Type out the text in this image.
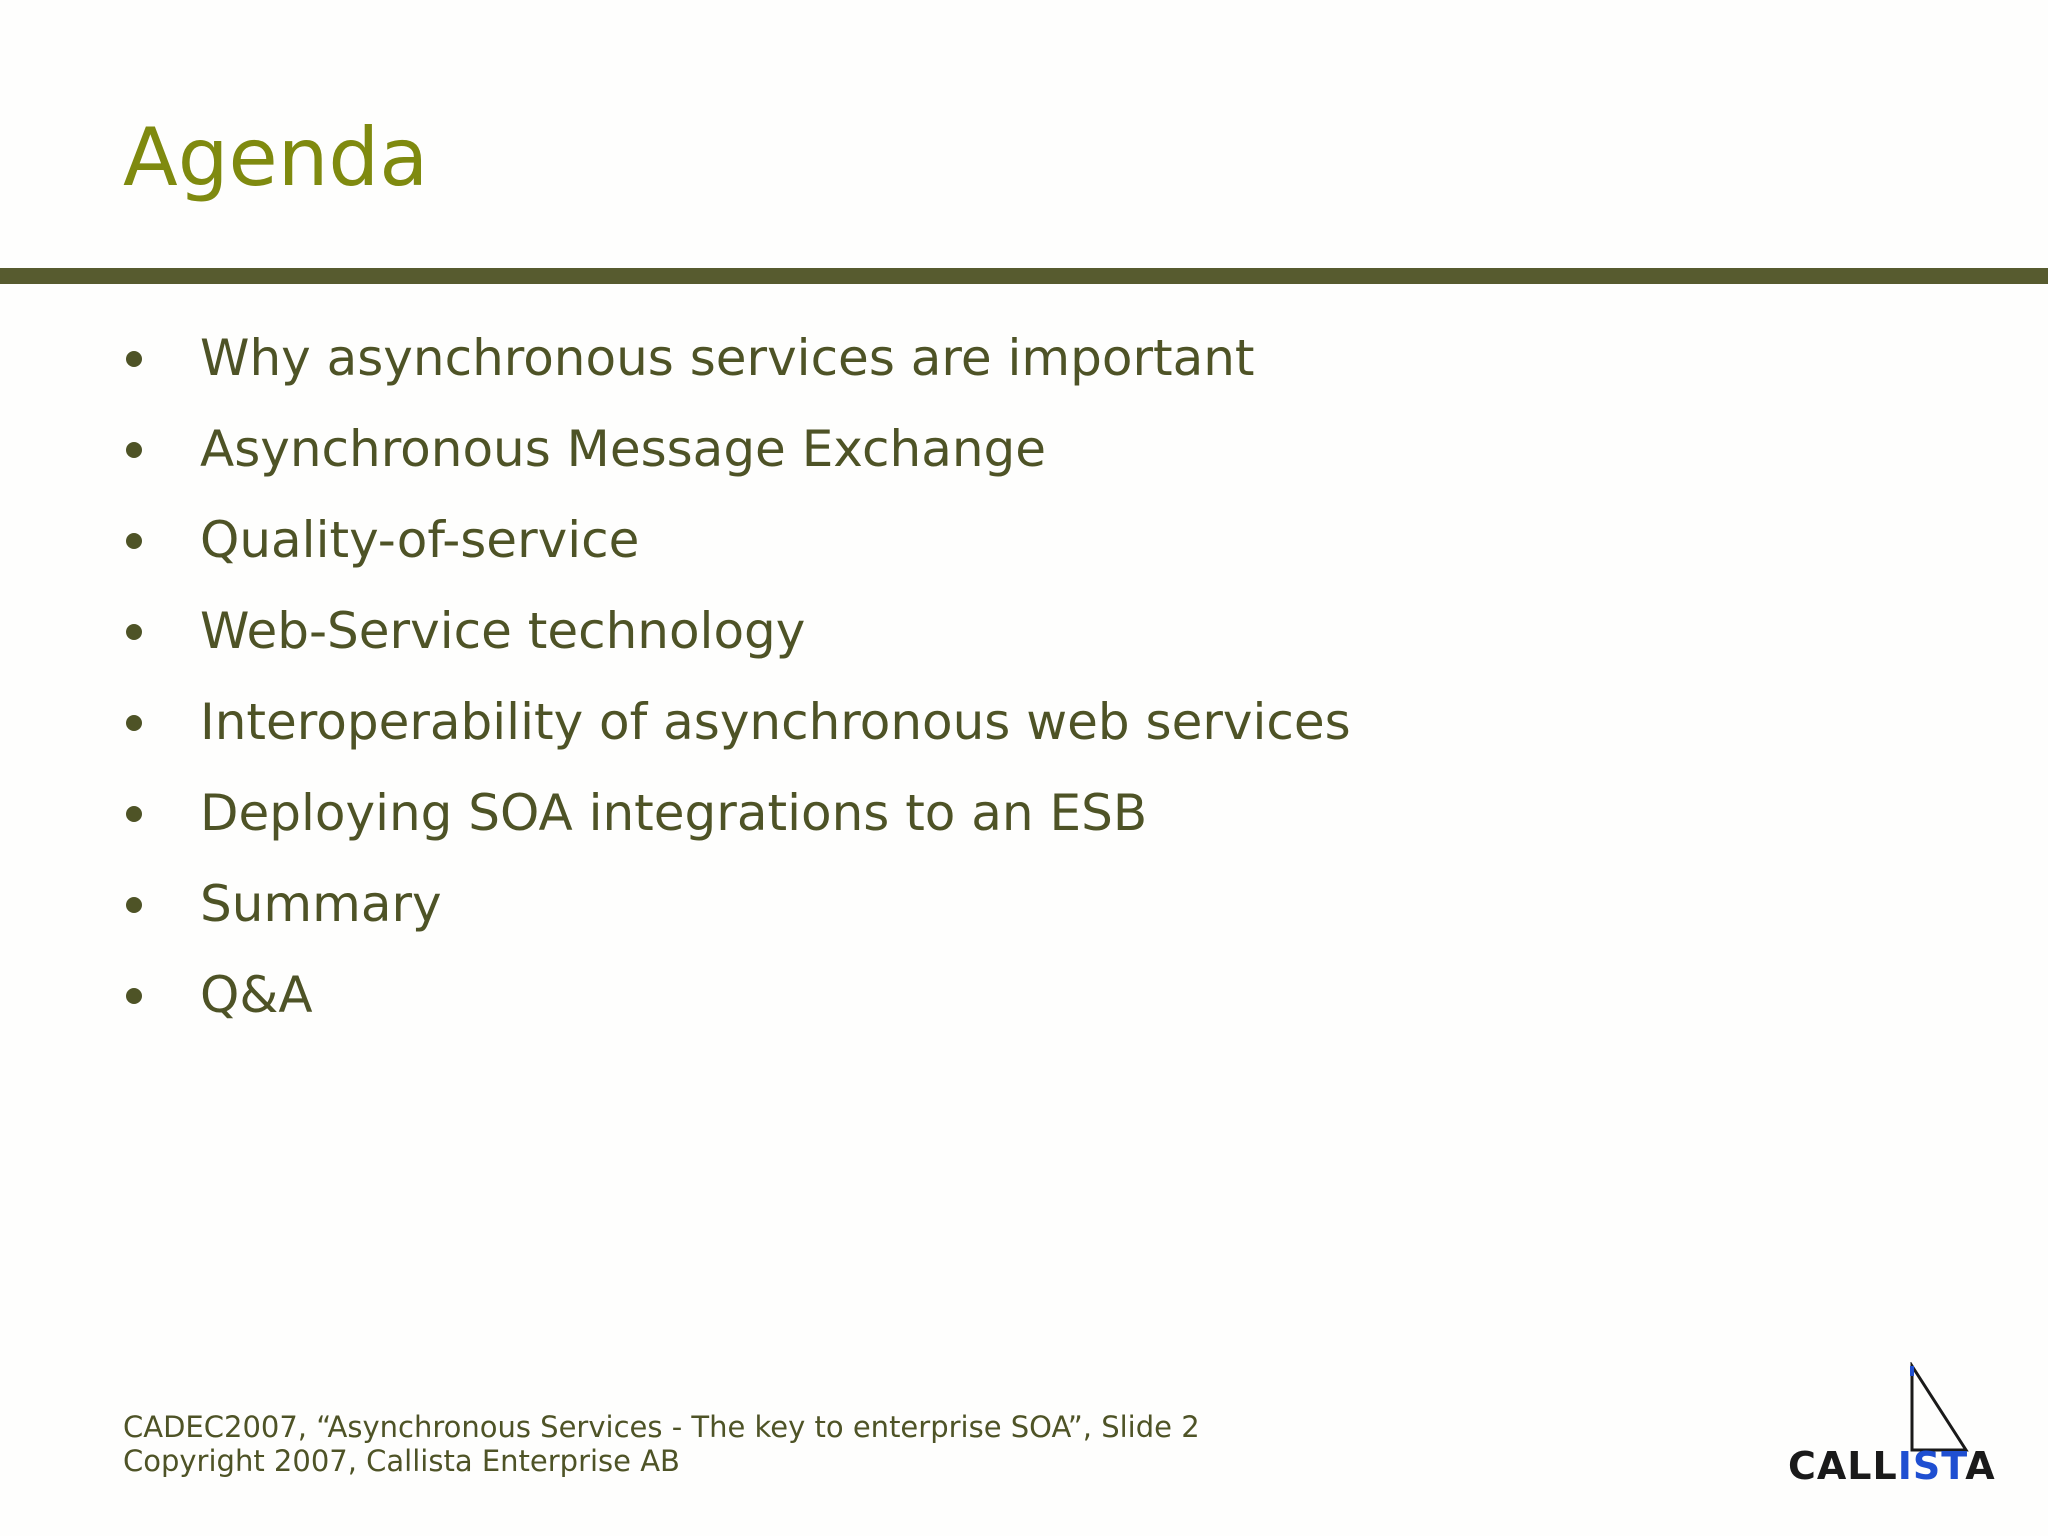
Agenda
Why asynchronous services are important
Asynchronous Message Exchange
Quality-of-service
Web-Service technology
Interoperability of asynchronous web services
Deploying SOA integrations to an ESB
Summary
Q&A
CADEC2007, “Asynchronous Services - The key to enterprise SOA”, Slide 2
Copyright 2007, Callista Enterprise AB	CALLISTA
